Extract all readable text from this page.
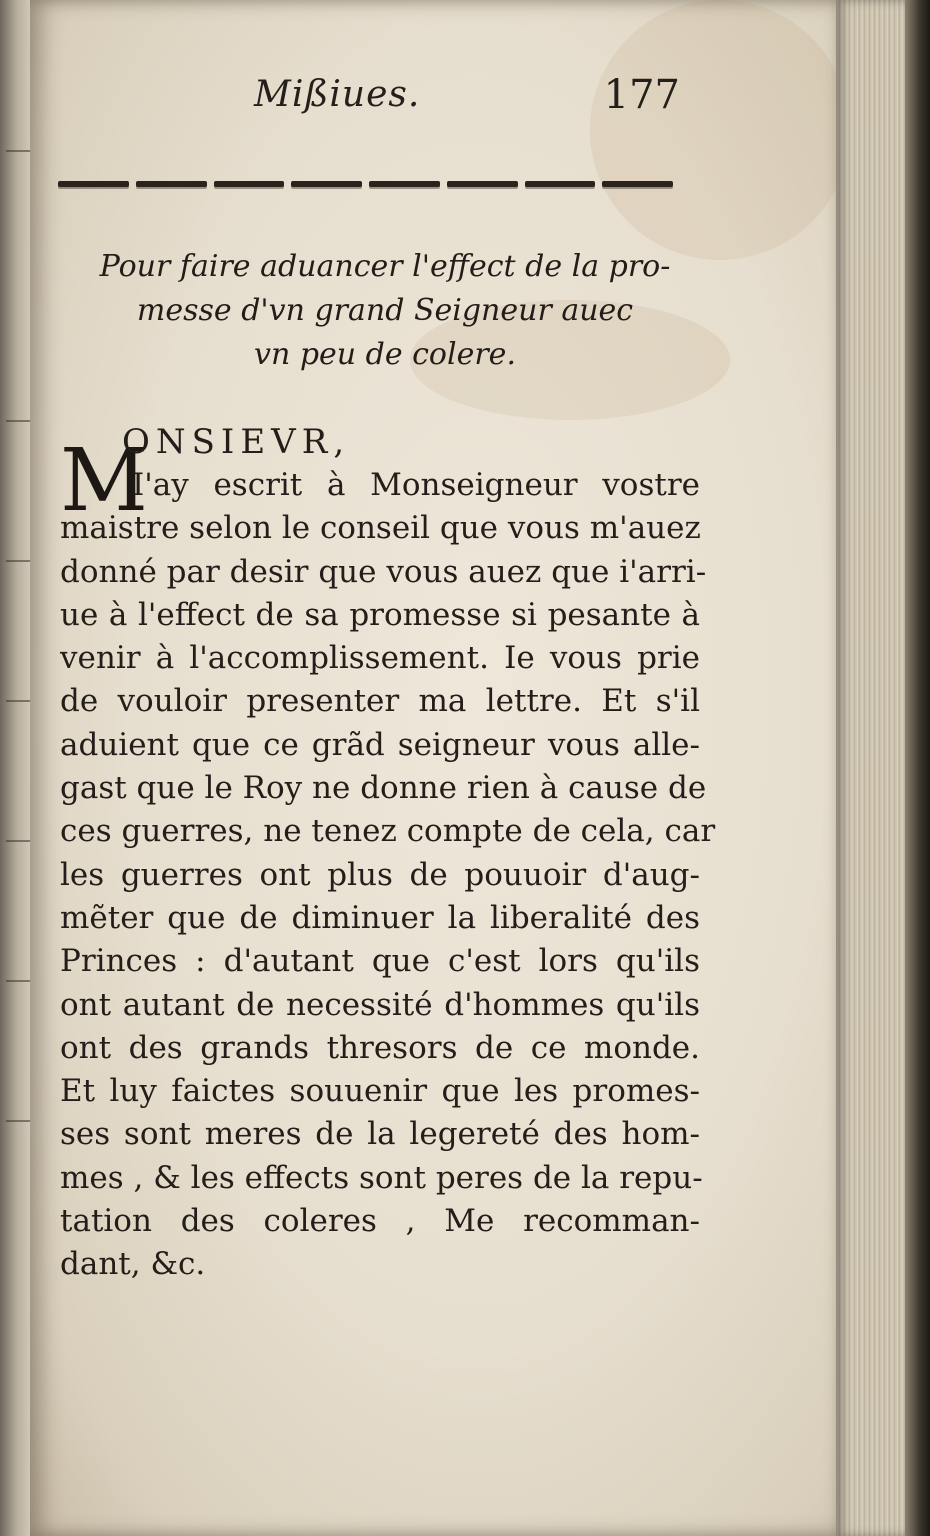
Mißiues.	177
Pour faire aduancer l'effect de la pro-
messe d'vn grand Seigneur auec
vn peu de colere.
M
ONSIEVR,
I'ay escrit à Monseigneur vostre
maistre selon le conseil que vous m'auez
donné par desir que vous auez que i'arri-
ue à l'effect de sa promesse si pesante à
venir à l'accomplissement. Ie vous prie
de vouloir presenter ma lettre. Et s'il
aduient que ce grãd seigneur vous alle-
gast que le Roy ne donne rien à cause de
ces guerres, ne tenez compte de cela, car
les guerres ont plus de pouuoir d'aug-
mẽter que de diminuer la liberalité des
Princes : d'autant que c'est lors qu'ils
ont autant de necessité d'hommes qu'ils
ont des grands thresors de ce monde.
Et luy faictes souuenir que les promes-
ses sont meres de la legereté des hom-
mes , & les effects sont peres de la repu-
tation des coleres , Me recomman-
dant, &c.
